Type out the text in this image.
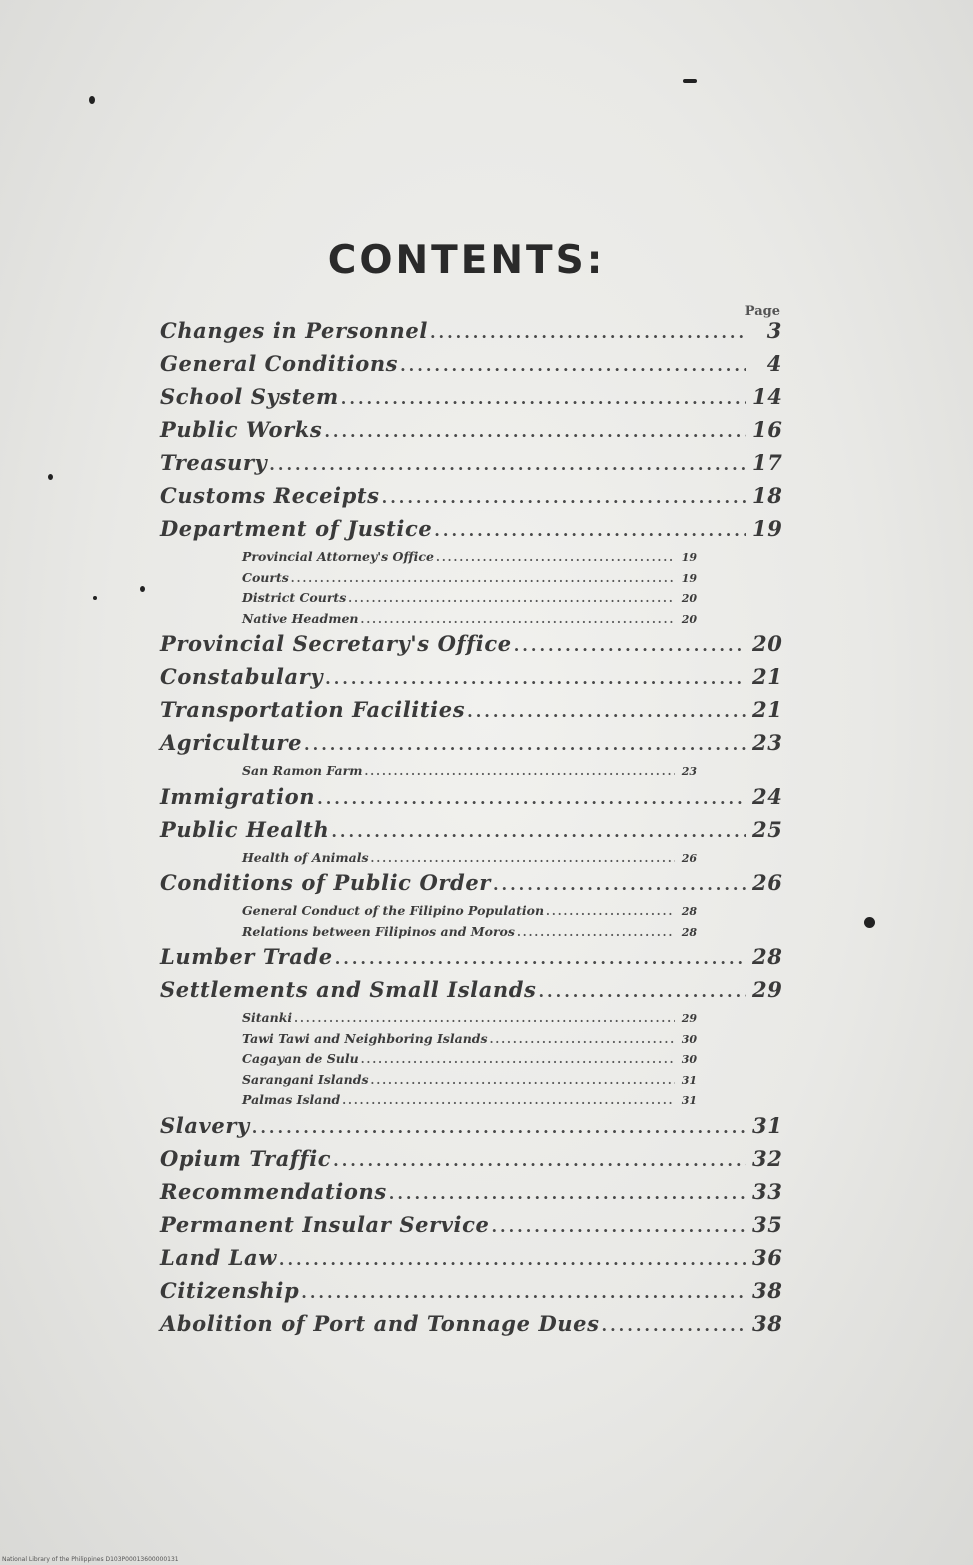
CONTENTS:
Page
Changes in Personnel .....	3
General Conditions .....	4
School System .....	14
Public Works .....	16
Treasury .....	17
Customs Receipts .....	18
Department of Justice .....	19
Provincial Attorney's Office .....	19
Courts .....	19
District Courts .....	20
Native Headmen .....	20
Provincial Secretary's Office .....	20
Constabulary .....	21
Transportation Facilities .....	21
Agriculture .....	23
San Ramon Farm .....	23
Immigration .....	24
Public Health .....	25
Health of Animals .....	26
Conditions of Public Order .....	26
General Conduct of the Filipino Population .....	28
Relations between Filipinos and Moros .....	28
Lumber Trade .....	28
Settlements and Small Islands .....	29
Sitanki .....	29
Tawi Tawi and Neighboring Islands .....	30
Cagayan de Sulu .....	30
Sarangani Islands .....	31
Palmas Island .....	31
Slavery .....	31
Opium Traffic .....	32
Recommendations .....	33
Permanent Insular Service .....	35
Land Law .....	36
Citizenship .....	38
Abolition of Port and Tonnage Dues .....	38
National Library of the Philippines D103P00013600000131
